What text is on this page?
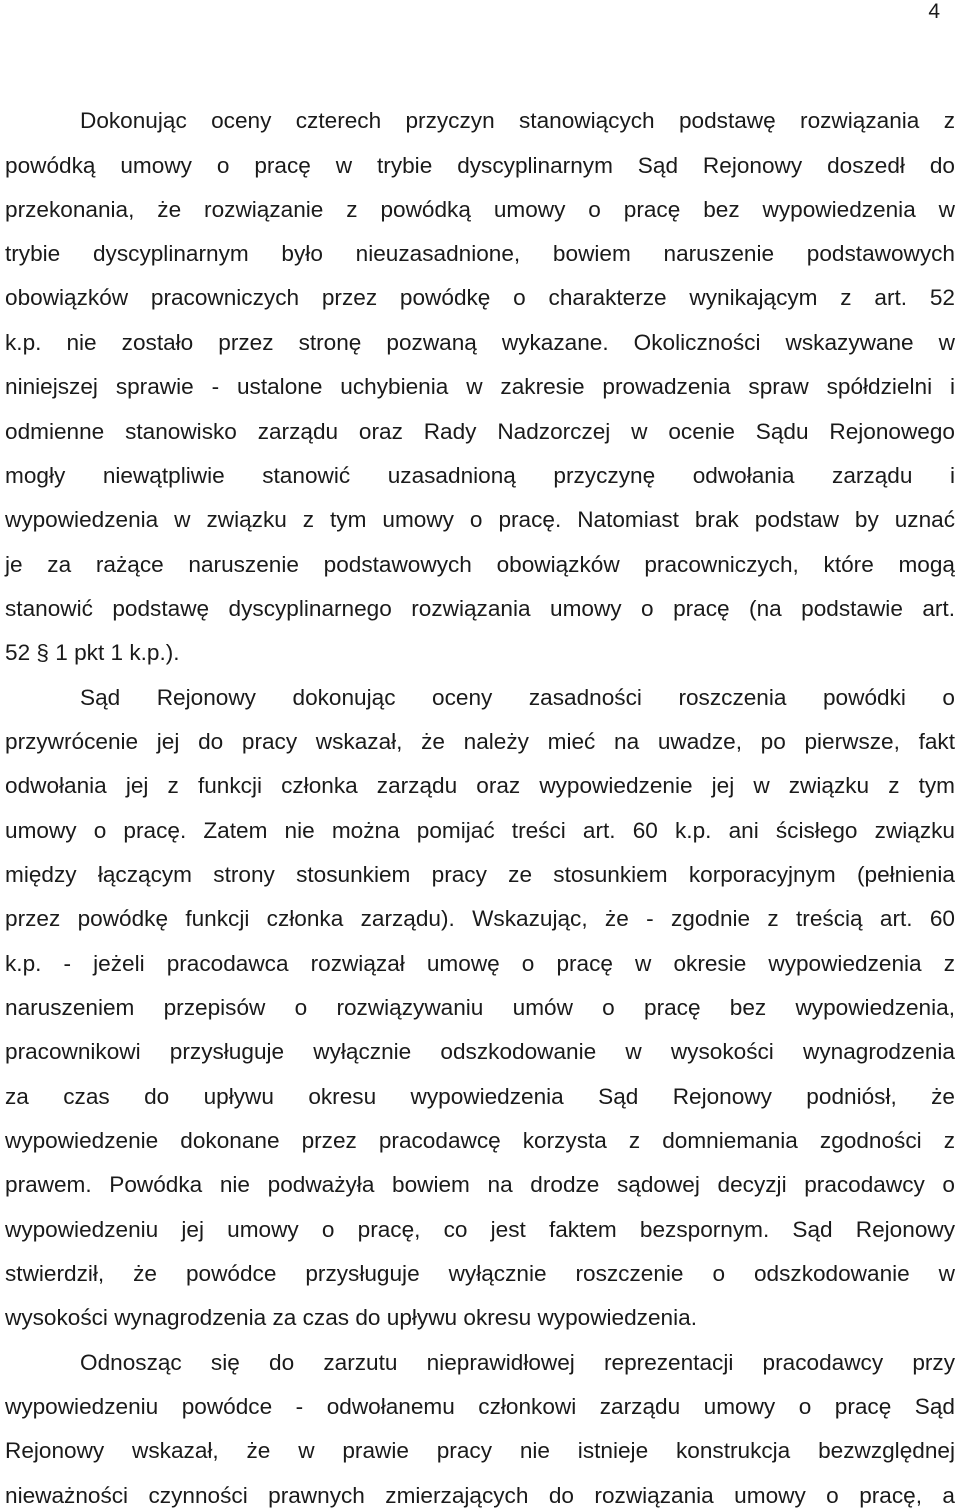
4
Dokonując oceny czterech przyczyn stanowiących podstawę rozwiązania z
powódką umowy o pracę w trybie dyscyplinarnym Sąd Rejonowy doszedł do
przekonania, że rozwiązanie z powódką umowy o pracę bez wypowiedzenia w
trybie dyscyplinarnym było nieuzasadnione, bowiem naruszenie podstawowych
obowiązków pracowniczych przez powódkę o charakterze wynikającym z art. 52
k.p. nie zostało przez stronę pozwaną wykazane. Okoliczności wskazywane w
niniejszej sprawie - ustalone uchybienia w zakresie prowadzenia spraw spółdzielni i
odmienne stanowisko zarządu oraz Rady Nadzorczej w ocenie Sądu Rejonowego
mogły niewątpliwie stanowić uzasadnioną przyczynę odwołania zarządu i
wypowiedzenia w związku z tym umowy o pracę. Natomiast brak podstaw by uznać
je za rażące naruszenie podstawowych obowiązków pracowniczych, które mogą
stanowić podstawę dyscyplinarnego rozwiązania umowy o pracę (na podstawie art.
52 § 1 pkt 1 k.p.).
Sąd Rejonowy dokonując oceny zasadności roszczenia powódki o
przywrócenie jej do pracy wskazał, że należy mieć na uwadze, po pierwsze, fakt
odwołania jej z funkcji członka zarządu oraz wypowiedzenie jej w związku z tym
umowy o pracę. Zatem nie można pomijać treści art. 60 k.p. ani ścisłego związku
między łączącym strony stosunkiem pracy ze stosunkiem korporacyjnym (pełnienia
przez powódkę funkcji członka zarządu). Wskazując, że - zgodnie z treścią art. 60
k.p. - jeżeli pracodawca rozwiązał umowę o pracę w okresie wypowiedzenia z
naruszeniem przepisów o rozwiązywaniu umów o pracę bez wypowiedzenia,
pracownikowi przysługuje wyłącznie odszkodowanie w wysokości wynagrodzenia
za czas do upływu okresu wypowiedzenia Sąd Rejonowy podniósł, że
wypowiedzenie dokonane przez pracodawcę korzysta z domniemania zgodności z
prawem. Powódka nie podważyła bowiem na drodze sądowej decyzji pracodawcy o
wypowiedzeniu jej umowy o pracę, co jest faktem bezspornym. Sąd Rejonowy
stwierdził, że powódce przysługuje wyłącznie roszczenie o odszkodowanie w
wysokości wynagrodzenia za czas do upływu okresu wypowiedzenia.
Odnosząc się do zarzutu nieprawidłowej reprezentacji pracodawcy przy
wypowiedzeniu powódce - odwołanemu członkowi zarządu umowy o pracę Sąd
Rejonowy wskazał, że w prawie pracy nie istnieje konstrukcja bezwzględnej
nieważności czynności prawnych zmierzających do rozwiązania umowy o pracę, a
